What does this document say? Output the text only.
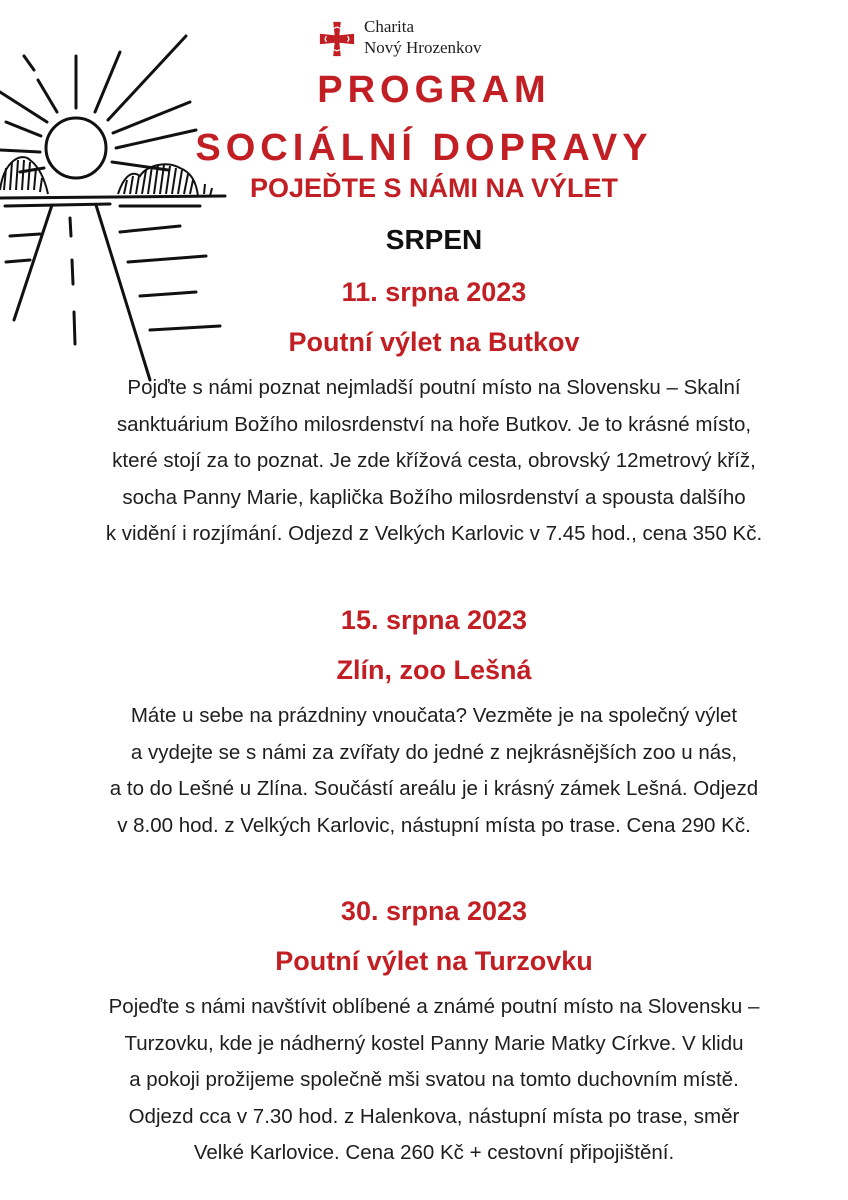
Charita
Nový Hrozenkov
PROGRAM
SOCIÁLNÍ DOPRAVY
POJEĎTE S NÁMI NA VÝLET
SRPEN
11. srpna 2023
Poutní výlet na Butkov
Pojďte s námi poznat nejmladší poutní místo na Slovensku – Skalní
sanktuárium Božího milosrdenství na hoře Butkov. Je to krásné místo,
které stojí za to poznat. Je zde křížová cesta, obrovský 12metrový kříž,
socha Panny Marie, kaplička Božího milosrdenství a spousta dalšího
k vidění i rozjímání. Odjezd z Velkých Karlovic v 7.45 hod., cena 350 Kč.
15. srpna 2023
Zlín, zoo Lešná
Máte u sebe na prázdniny vnoučata? Vezměte je na společný výlet
a vydejte se s námi za zvířaty do jedné z nejkrásnějších zoo u nás,
a to do Lešné u Zlína. Součástí areálu je i krásný zámek Lešná. Odjezd
v 8.00 hod. z Velkých Karlovic, nástupní místa po trase. Cena 290 Kč.
30. srpna 2023
Poutní výlet na Turzovku
Pojeďte s námi navštívit oblíbené a známé poutní místo na Slovensku –
Turzovku, kde je nádherný kostel Panny Marie Matky Církve. V klidu
a pokoji prožijeme společně mši svatou na tomto duchovním místě.
Odjezd cca v 7.30 hod. z Halenkova, nástupní místa po trase, směr
Velké Karlovice. Cena 260 Kč + cestovní připojištění.
